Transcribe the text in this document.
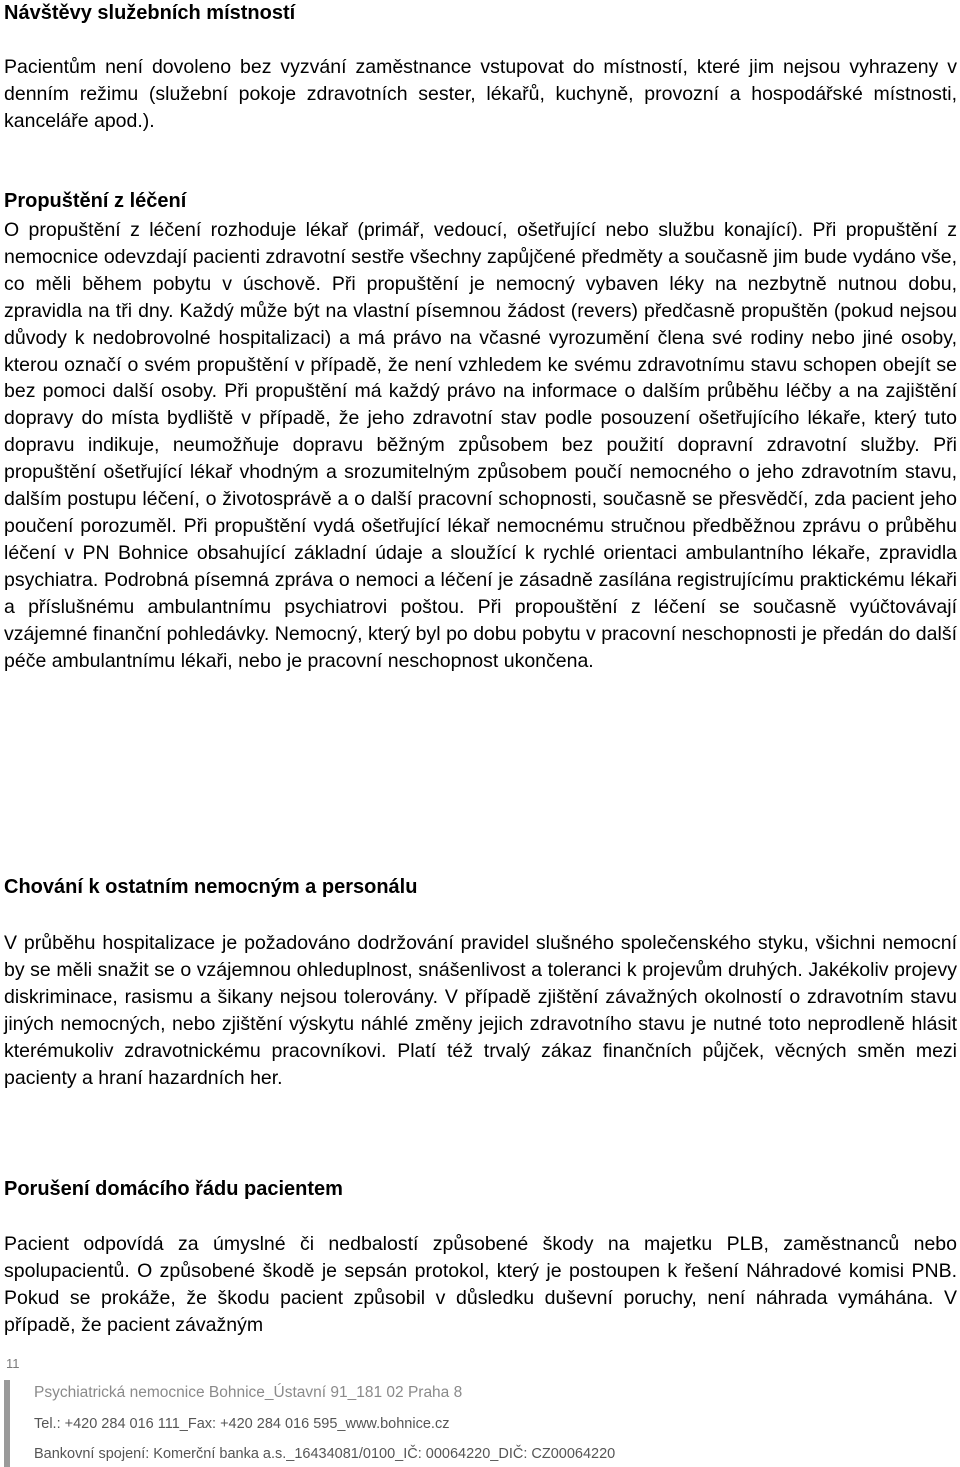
Návštěvy služebních místností

Pacientům není dovoleno bez vyzvání zaměstnance vstupovat do místností, které jim nejsou vyhrazeny v denním režimu (služební pokoje zdravotních sester, lékařů, kuchyně, provozní a hospodářské místnosti, kanceláře apod.).

Propuštění z léčení

O propuštění z léčení rozhoduje lékař (primář, vedoucí, ošetřující nebo službu konající). Při propuštění z nemocnice odevzdají pacienti zdravotní sestře všechny zapůjčené předměty a současně jim bude vydáno vše, co měli během pobytu v úschově. Při propuštění je nemocný vybaven léky na nezbytně nutnou dobu, zpravidla na tři dny. Každý může být na vlastní písemnou žádost (revers) předčasně propuštěn (pokud nejsou důvody k nedobrovolné hospitalizaci) a má právo na včasné vyrozumění člena své rodiny nebo jiné osoby, kterou označí o svém propuštění v případě, že není vzhledem ke svému zdravotnímu stavu schopen obejít se bez pomoci další osoby. Při propuštění má každý právo na informace o dalším průběhu léčby a na zajištění dopravy do místa bydliště v případě, že jeho zdravotní stav podle posouzení ošetřujícího lékaře, který tuto dopravu indikuje, neumožňuje dopravu běžným způsobem bez použití dopravní zdravotní služby. Při propuštění ošetřující lékař vhodným a srozumitelným způsobem poučí nemocného o jeho zdravotním stavu, dalším postupu léčení, o životosprávě a o další pracovní schopnosti, současně se přesvědčí, zda pacient jeho poučení porozuměl. Při propuštění vydá ošetřující lékař nemocnému stručnou předběžnou zprávu o průběhu léčení v PN Bohnice obsahující základní údaje a sloužící k rychlé orientaci ambulantního lékaře, zpravidla psychiatra. Podrobná písemná zpráva o nemoci a léčení je zásadně zasílána registrujícímu praktickému lékaři a příslušnému ambulantnímu psychiatrovi poštou. Při propouštění z léčení se současně vyúčtovávají vzájemné finanční pohledávky. Nemocný, který byl po dobu pobytu v pracovní neschopnosti je předán do další péče ambulantnímu lékaři, nebo je pracovní neschopnost ukončena.

Chování k ostatním nemocným a personálu

V průběhu hospitalizace je požadováno dodržování pravidel slušného společenského styku, všichni nemocní by se měli snažit se o vzájemnou ohleduplnost, snášenlivost a toleranci k projevům druhých. Jakékoliv projevy diskriminace, rasismu a šikany nejsou tolerovány. V případě zjištění závažných okolností o zdravotním stavu jiných nemocných, nebo zjištění výskytu náhlé změny jejich zdravotního stavu je nutné toto neprodleně hlásit kterémukoliv zdravotnickému pracovníkovi. Platí též trvalý zákaz finančních půjček, věcných směn mezi pacienty a hraní hazardních her.

Porušení domácího řádu pacientem

Pacient odpovídá za úmyslné či nedbalostí způsobené škody na majetku PLB, zaměstnanců nebo spolupacientů. O způsobené škodě je sepsán protokol, který je postoupen k řešení Náhradové komisi PNB. Pokud se prokáže, že škodu pacient způsobil v důsledku duševní poruchy, není náhrada vymáhána. V případě, že pacient závažným

11
Psychiatrická nemocnice Bohnice_Ústavní 91_181 02 Praha 8
Tel.: +420 284 016 111_Fax: +420 284 016 595_www.bohnice.cz
Bankovní spojení: Komerční banka a.s._16434081/0100_IČ: 00064220_DIČ: CZ00064220
